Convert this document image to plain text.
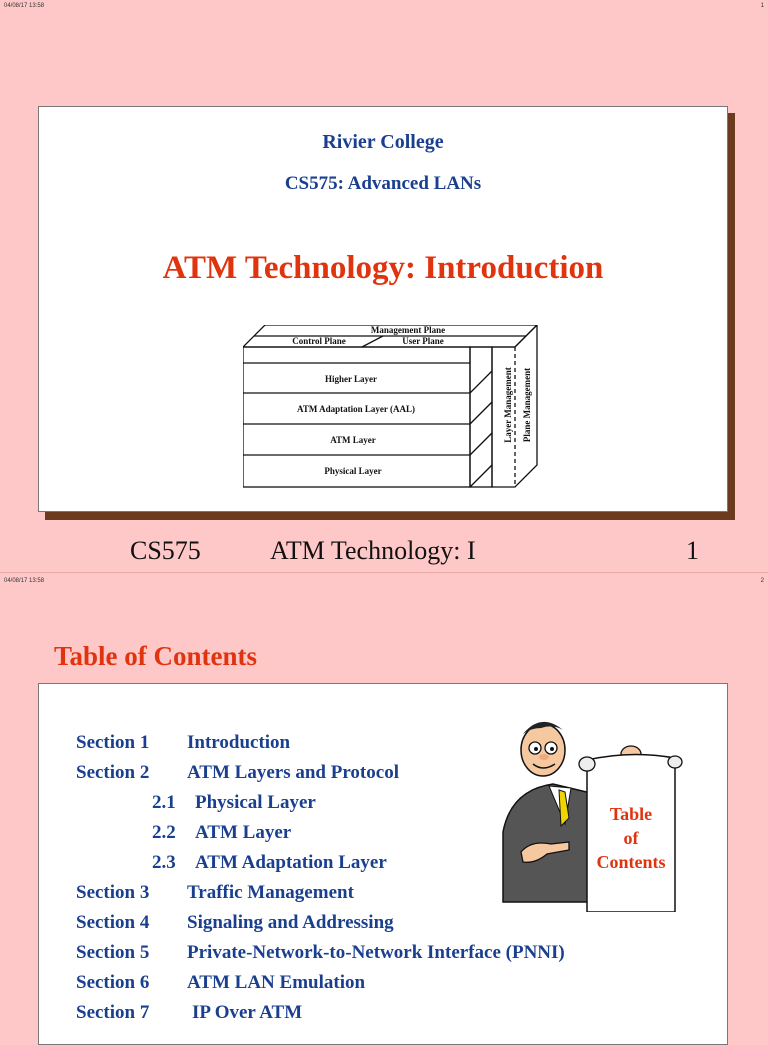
04/08/17 13:58	1
Rivier College
CS575: Advanced LANs
ATM Technology: Introduction
Management Plane
Control Plane	User Plane
Higher Layer
ATM Adaptation Layer (AAL)
ATM Layer
Physical Layer
Layer Management Plane Management
CS575	ATM Technology: I	1
04/08/17 13:58	2
Table of Contents
Section 1 Introduction
Section 2 ATM Layers and Protocol
2.1 Physical Layer
2.2 ATM Layer
2.3 ATM Adaptation Layer
Section 3 Traffic Management
Section 4 Signaling and Addressing
Section 5 Private-Network-to-Network Interface (PNNI)
Section 6 ATM LAN Emulation
Section 7 IP Over ATM
Table
of
Contents
